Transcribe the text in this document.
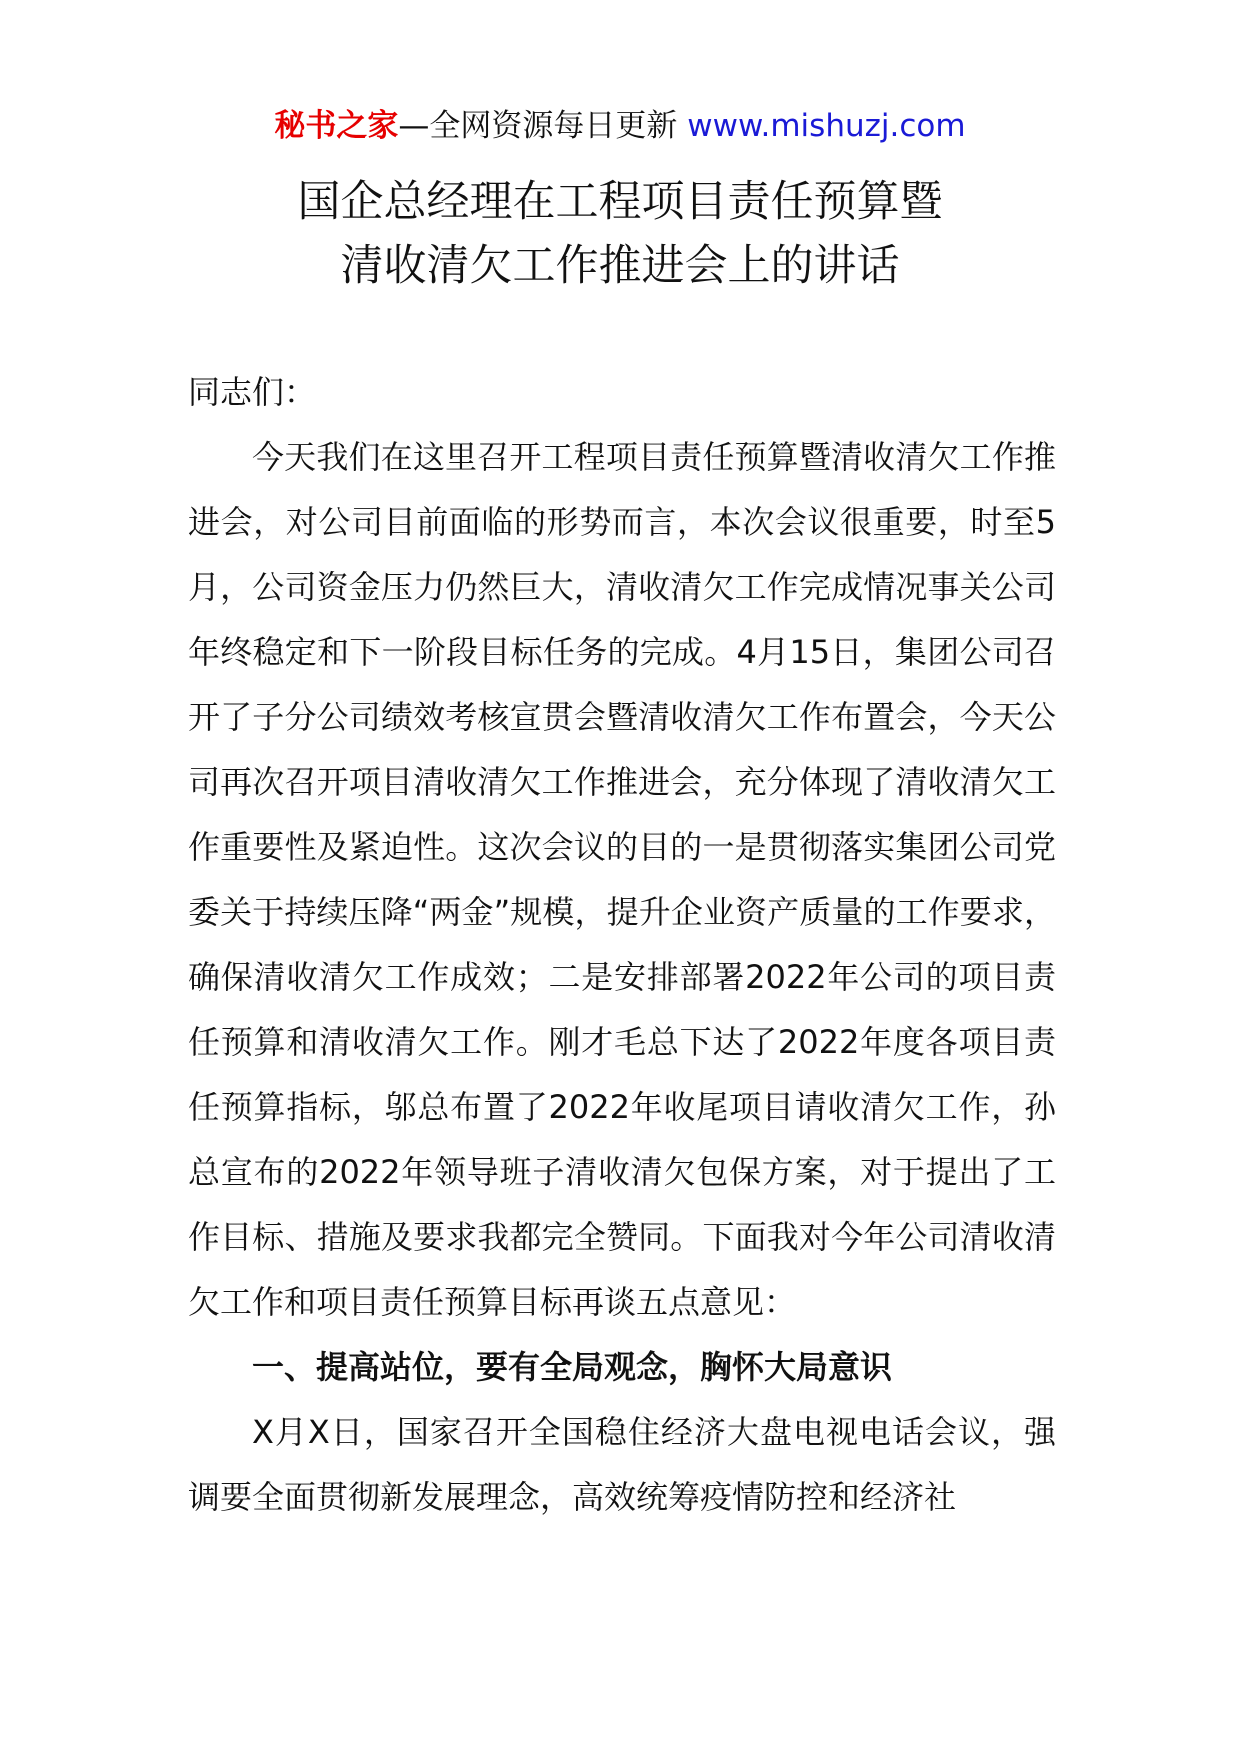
秘书之家—全网资源每日更新 www.mishuzj.com
国企总经理在工程项目责任预算暨
清收清欠工作推进会上的讲话

同志们：

今天我们在这里召开工程项目责任预算暨清收清欠工作推进会，对公司目前面临的形势而言，本次会议很重要，时至5月，公司资金压力仍然巨大，清收清欠工作完成情况事关公司年终稳定和下一阶段目标任务的完成。4月15日，集团公司召开了子分公司绩效考核宣贯会暨清收清欠工作布置会，今天公司再次召开项目清收清欠工作推进会，充分体现了清收清欠工作重要性及紧迫性。这次会议的目的一是贯彻落实集团公司党委关于持续压降“两金”规模，提升企业资产质量的工作要求，确保清收清欠工作成效；二是安排部署2022年公司的项目责任预算和清收清欠工作。刚才毛总下达了2022年度各项目责任预算指标，邬总布置了2022年收尾项目请收清欠工作，孙总宣布的2022年领导班子清收清欠包保方案，对于提出了工作目标、措施及要求我都完全赞同。下面我对今年公司清收清欠工作和项目责任预算目标再谈五点意见：

一、提高站位，要有全局观念，胸怀大局意识

X月X日，国家召开全国稳住经济大盘电视电话会议，强调要全面贯彻新发展理念，高效统筹疫情防控和经济社
